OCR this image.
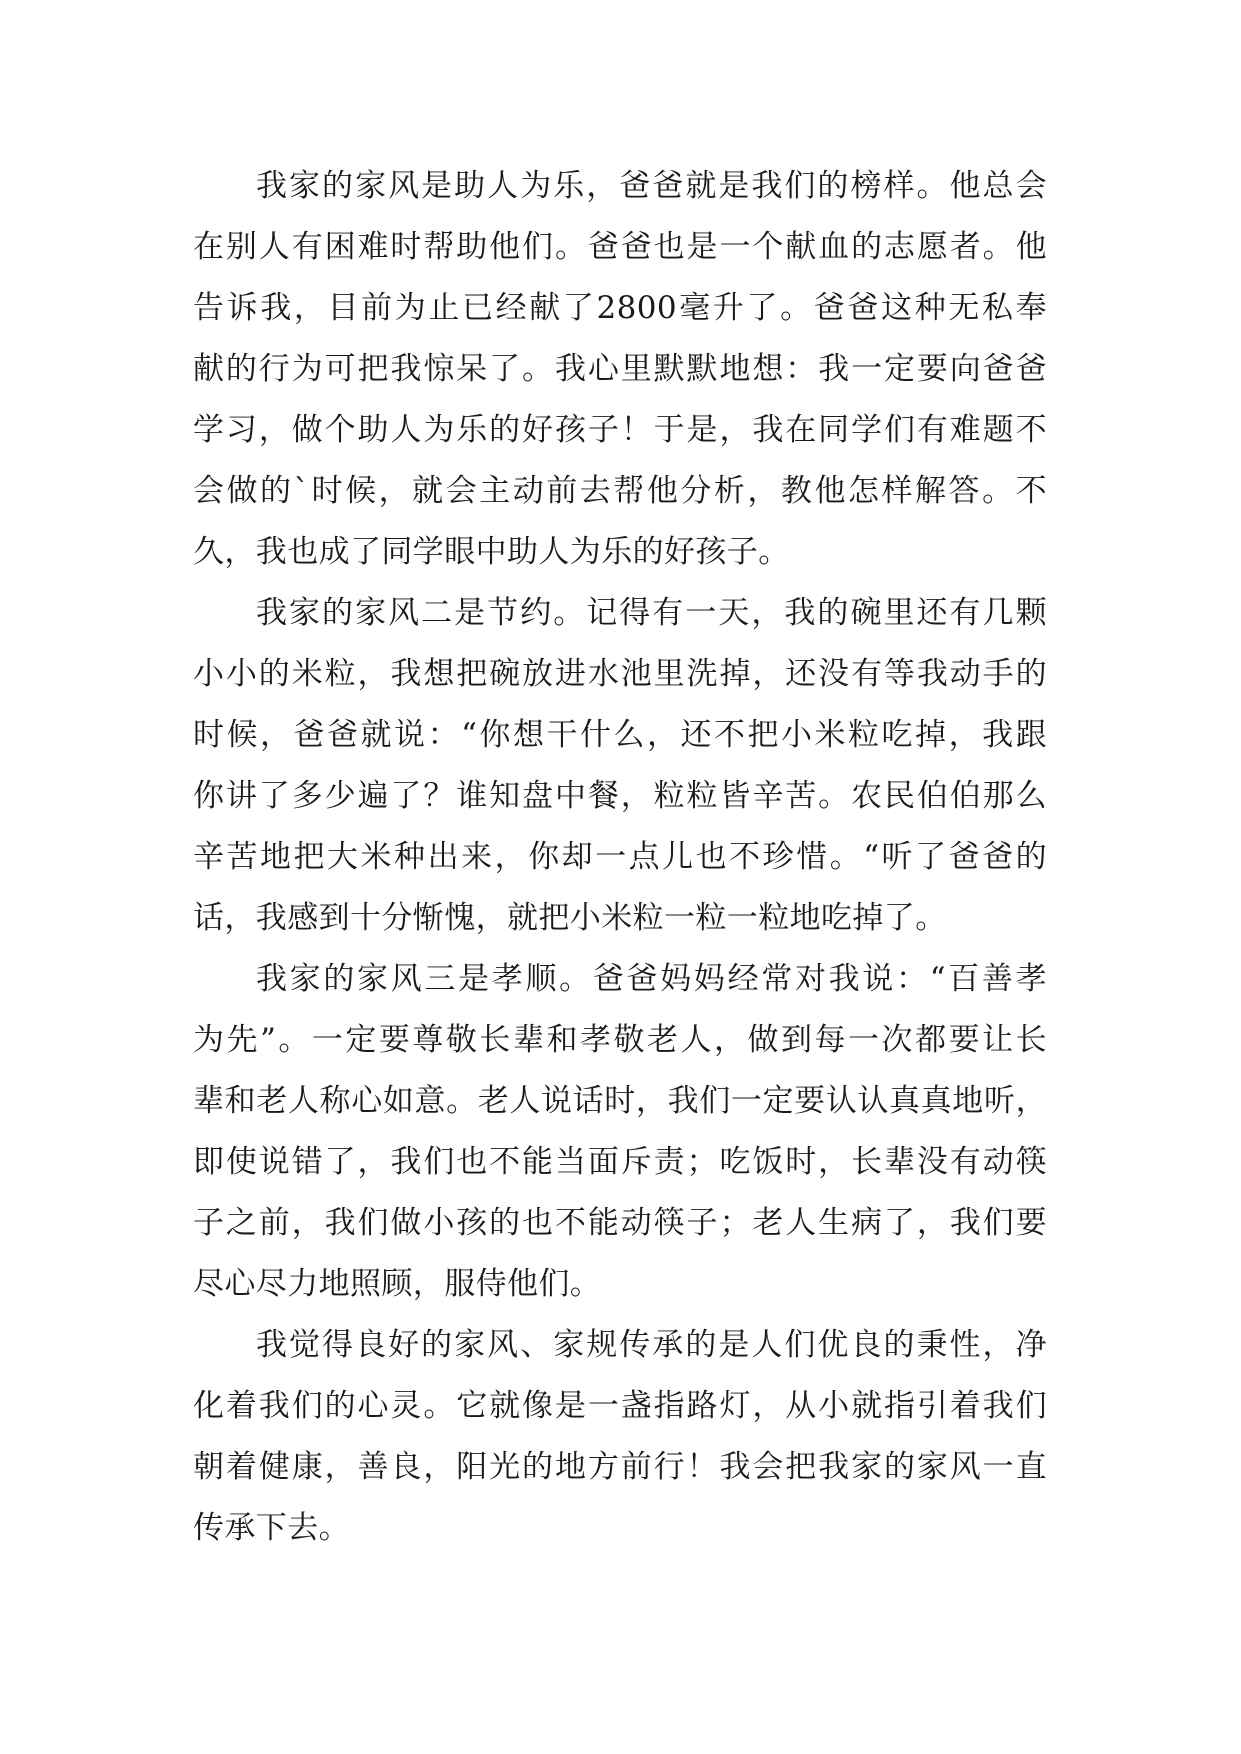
我家的家风是助人为乐，爸爸就是我们的榜样。他总会
在别人有困难时帮助他们。爸爸也是一个献血的志愿者。他
告诉我，目前为止已经献了2800毫升了。爸爸这种无私奉
献的行为可把我惊呆了。我心里默默地想：我一定要向爸爸
学习，做个助人为乐的好孩子！于是，我在同学们有难题不
会做的`时候，就会主动前去帮他分析，教他怎样解答。不
久，我也成了同学眼中助人为乐的好孩子。
我家的家风二是节约。记得有一天，我的碗里还有几颗
小小的米粒，我想把碗放进水池里洗掉，还没有等我动手的
时候，爸爸就说：“你想干什么，还不把小米粒吃掉，我跟
你讲了多少遍了？谁知盘中餐，粒粒皆辛苦。农民伯伯那么
辛苦地把大米种出来，你却一点儿也不珍惜。“听了爸爸的
话，我感到十分惭愧，就把小米粒一粒一粒地吃掉了。
我家的家风三是孝顺。爸爸妈妈经常对我说：“百善孝
为先”。一定要尊敬长辈和孝敬老人，做到每一次都要让长
辈和老人称心如意。老人说话时，我们一定要认认真真地听，
即使说错了，我们也不能当面斥责；吃饭时，长辈没有动筷
子之前，我们做小孩的也不能动筷子；老人生病了，我们要
尽心尽力地照顾，服侍他们。
我觉得良好的家风、家规传承的是人们优良的秉性，净
化着我们的心灵。它就像是一盏指路灯，从小就指引着我们
朝着健康，善良，阳光的地方前行！我会把我家的家风一直
传承下去。
